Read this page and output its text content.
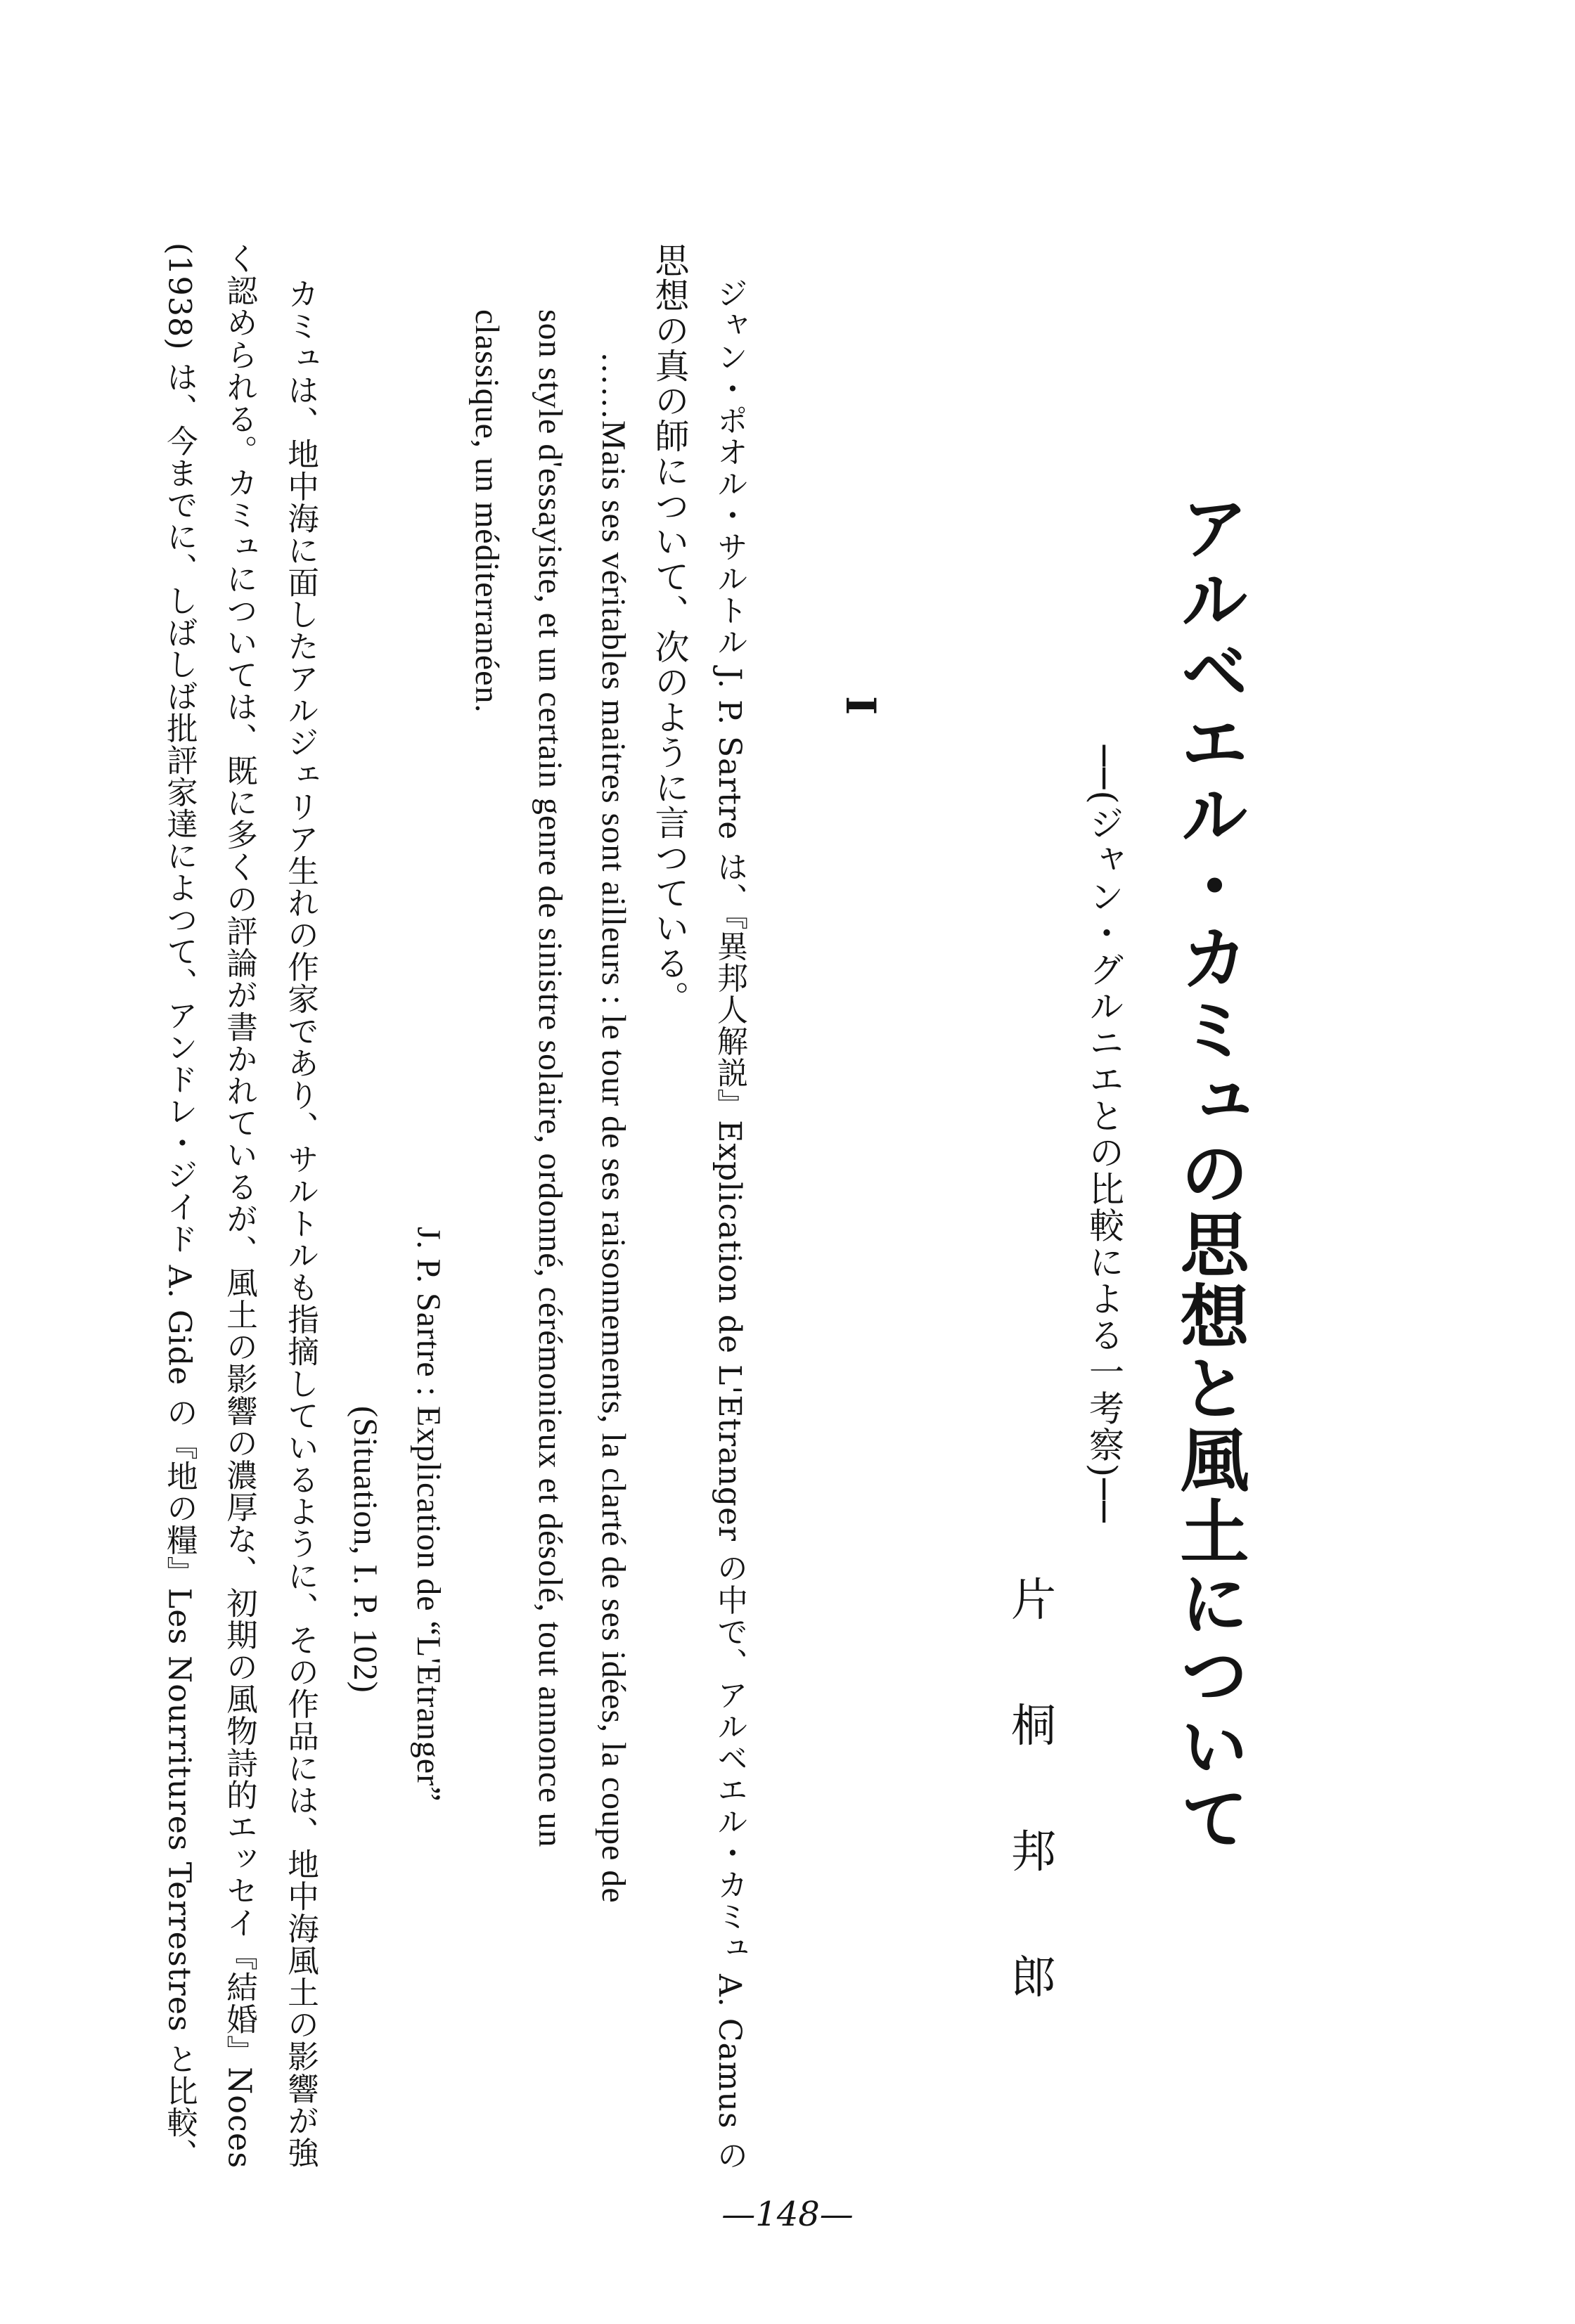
アルベエル・カミュの思想と風土について
──(ジャン・グルニエとの比較による一考察)──
片
桐
邦
郎
I
ジャン・ポオル・サルトル J. P. Sartre は、『異邦人解説』Explication de L'Etranger の中で、アルベエル・カミュ A. Camus の
思想の真の師について、次のように言つている。
……Mais ses véritables maitres sont ailleurs : le tour de ses raisonnements, la clarté de ses idées, la coupe de
son style d'essayiste, et un certain genre de sinistre solaire, ordonné, cérémonieux et désolé, tout annonce un
classique, un méditerranéen.
J. P. Sartre : Explication de “L'Etranger”
(Situation, I. P. 102)
カミュは、地中海に面したアルジェリア生れの作家であり、サルトルも指摘しているように、その作品には、地中海風土の影響が強
く認められる。カミュについては、既に多くの評論が書かれているが、風土の影響の濃厚な、初期の風物詩的エッセイ『結婚』Noces
(1938) は、今までに、しばしば批評家達によつて、アンドレ・ジイド A. Gide の『地の糧』Les Nourritures Terrestres と比較、
—148—
